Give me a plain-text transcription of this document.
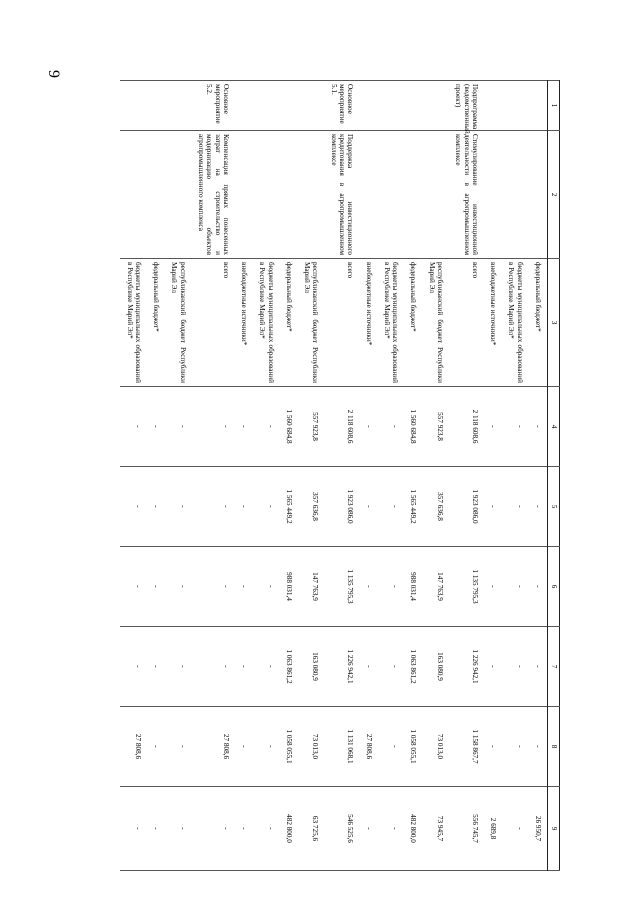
9
1	2	3	4	5	6	7	8	9
		федеральный бюджет*	-	-	-	-	-	26 950,7
		бюджеты муниципальных образований в Республике Марий Эл*	-	-	-	-	-	-
		внебюджетные источники*	-	-	-	-	-	2 689,8
Подпрограмма (ведомственный проект)	Стимулирование инвестиционной деятельности в агропромышленном комплексе	всего	2 118 608,6	1 923 086,0	1 135 795,3	1 226 942,1	1 158 867,7	556 745,7
		республиканский бюджет Республики Марий Эл	557 923,8	357 636,8	147 763,9	163 080,9	73 013,0	73 945,7
		федеральный бюджет*	1 560 684,8	1 565 449,2	988 031,4	1 063 861,2	1 058 055,1	482 800,0
		бюджеты муниципальных образований в Республике Марий Эл*	-	-	-	-	-	-
		внебюджетные источники*	-	-	-	-	27 808,6	-
Основное мероприятие 5.1.	Поддержка инвестиционного кредитования в агропромышленном комплексе	всего	2 118 608,6	1 923 086,0	1 135 795,3	1 226 942,1	1 131 068,1	546 525,6
		республиканский бюджет Республики Марий Эл	557 923,8	357 636,8	147 763,9	163 080,9	73 013,0	63 725,6
		федеральный бюджет*	1 560 684,8	1 565 449,2	988 031,4	1 063 861,2	1 058 055,1	482 800,0
		бюджеты муниципальных образований в Республике Марий Эл*	-	-	-	-	-	-
		внебюджетные источники*	-	-	-	-	-	-
Основное мероприятие 5.2.	Компенсация прямых понесенных затрат на строительство и модернизацию объектов агропромышленного комплекса	всего	-	-	-	-	27 808,6	-
		республиканский бюджет Республики Марий Эл	-	-	-	-	-	-
		федеральный бюджет*	-	-	-	-	-	-
		бюджеты муниципальных образований в Республике Марий Эл*	-	-	-	-	27 808,6	-
